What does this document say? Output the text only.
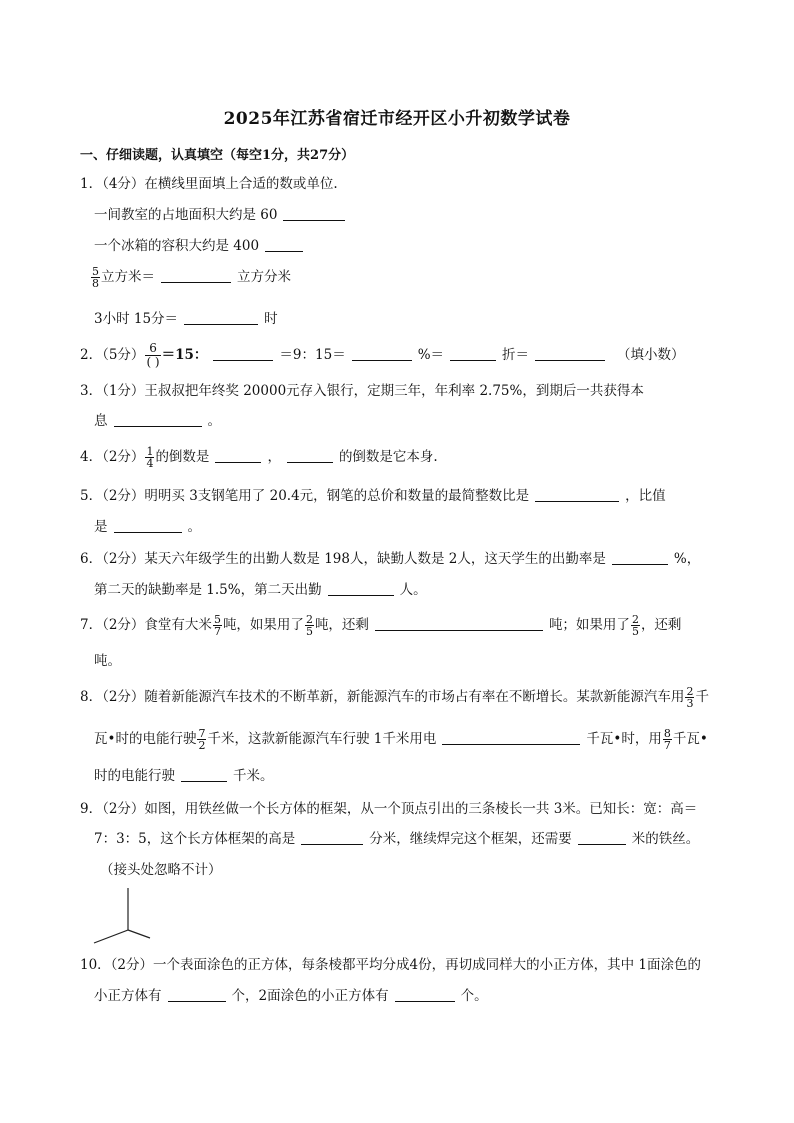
2025年江苏省宿迁市经开区小升初数学试卷
一、仔细读题，认真填空（每空1分，共27分）
1．（4分）在横线里面填上合适的数或单位.
一间教室的占地面积大约是 60
一个冰箱的容积大约是 400
$\frac{5}{8}$ 立方米＝	立方分米
3小时 15分＝	时
2．（5分） $\frac{6}{( )} =15$：	＝9：15＝	%＝	折＝	（填小数）
3．（1分）王叔叔把年终奖 20000元存入银行，定期三年，年利率 2.75%，到期后一共获得本
息	。
4．（2分） $\frac{1}{4}$ 的倒数是	，	的倒数是它本身.
5．（2分）明明买 3支钢笔用了 20.4元，钢笔的总价和数量的最简整数比是	，比值
是	。
6．（2分）某天六年级学生的出勤人数是 198人，缺勤人数是 2人，这天学生的出勤率是	%，
第二天的缺勤率是 1.5%，第二天出勤	人。
7．（2分）食堂有大米 $\frac{5}{7}$ 吨，如果用了 $\frac{2}{5}$ 吨，还剩	吨；如果用了 $\frac{2}{5}$ ，还剩
吨。
8．（2分）随着新能源汽车技术的不断革新，新能源汽车的市场占有率在不断增长。某款新能源汽车用 $\frac{2}{3}$ 千
瓦•时的电能行驶 $\frac{7}{2}$ 千米，这款新能源汽车行驶 1千米用电	千瓦•时，用 $\frac{8}{7}$ 千瓦•
时的电能行驶	千米。
9．（2分）如图，用铁丝做一个长方体的框架，从一个顶点引出的三条棱长一共 3米。已知长：宽：高＝
7：3：5，这个长方体框架的高是	分米，继续焊完这个框架，还需要	米的铁丝。
（接头处忽略不计）
10．（2分）一个表面涂色的正方体，每条棱都平均分成4份，再切成同样大的小正方体，其中 1面涂色的
小正方体有	个，2面涂色的小正方体有	个。
